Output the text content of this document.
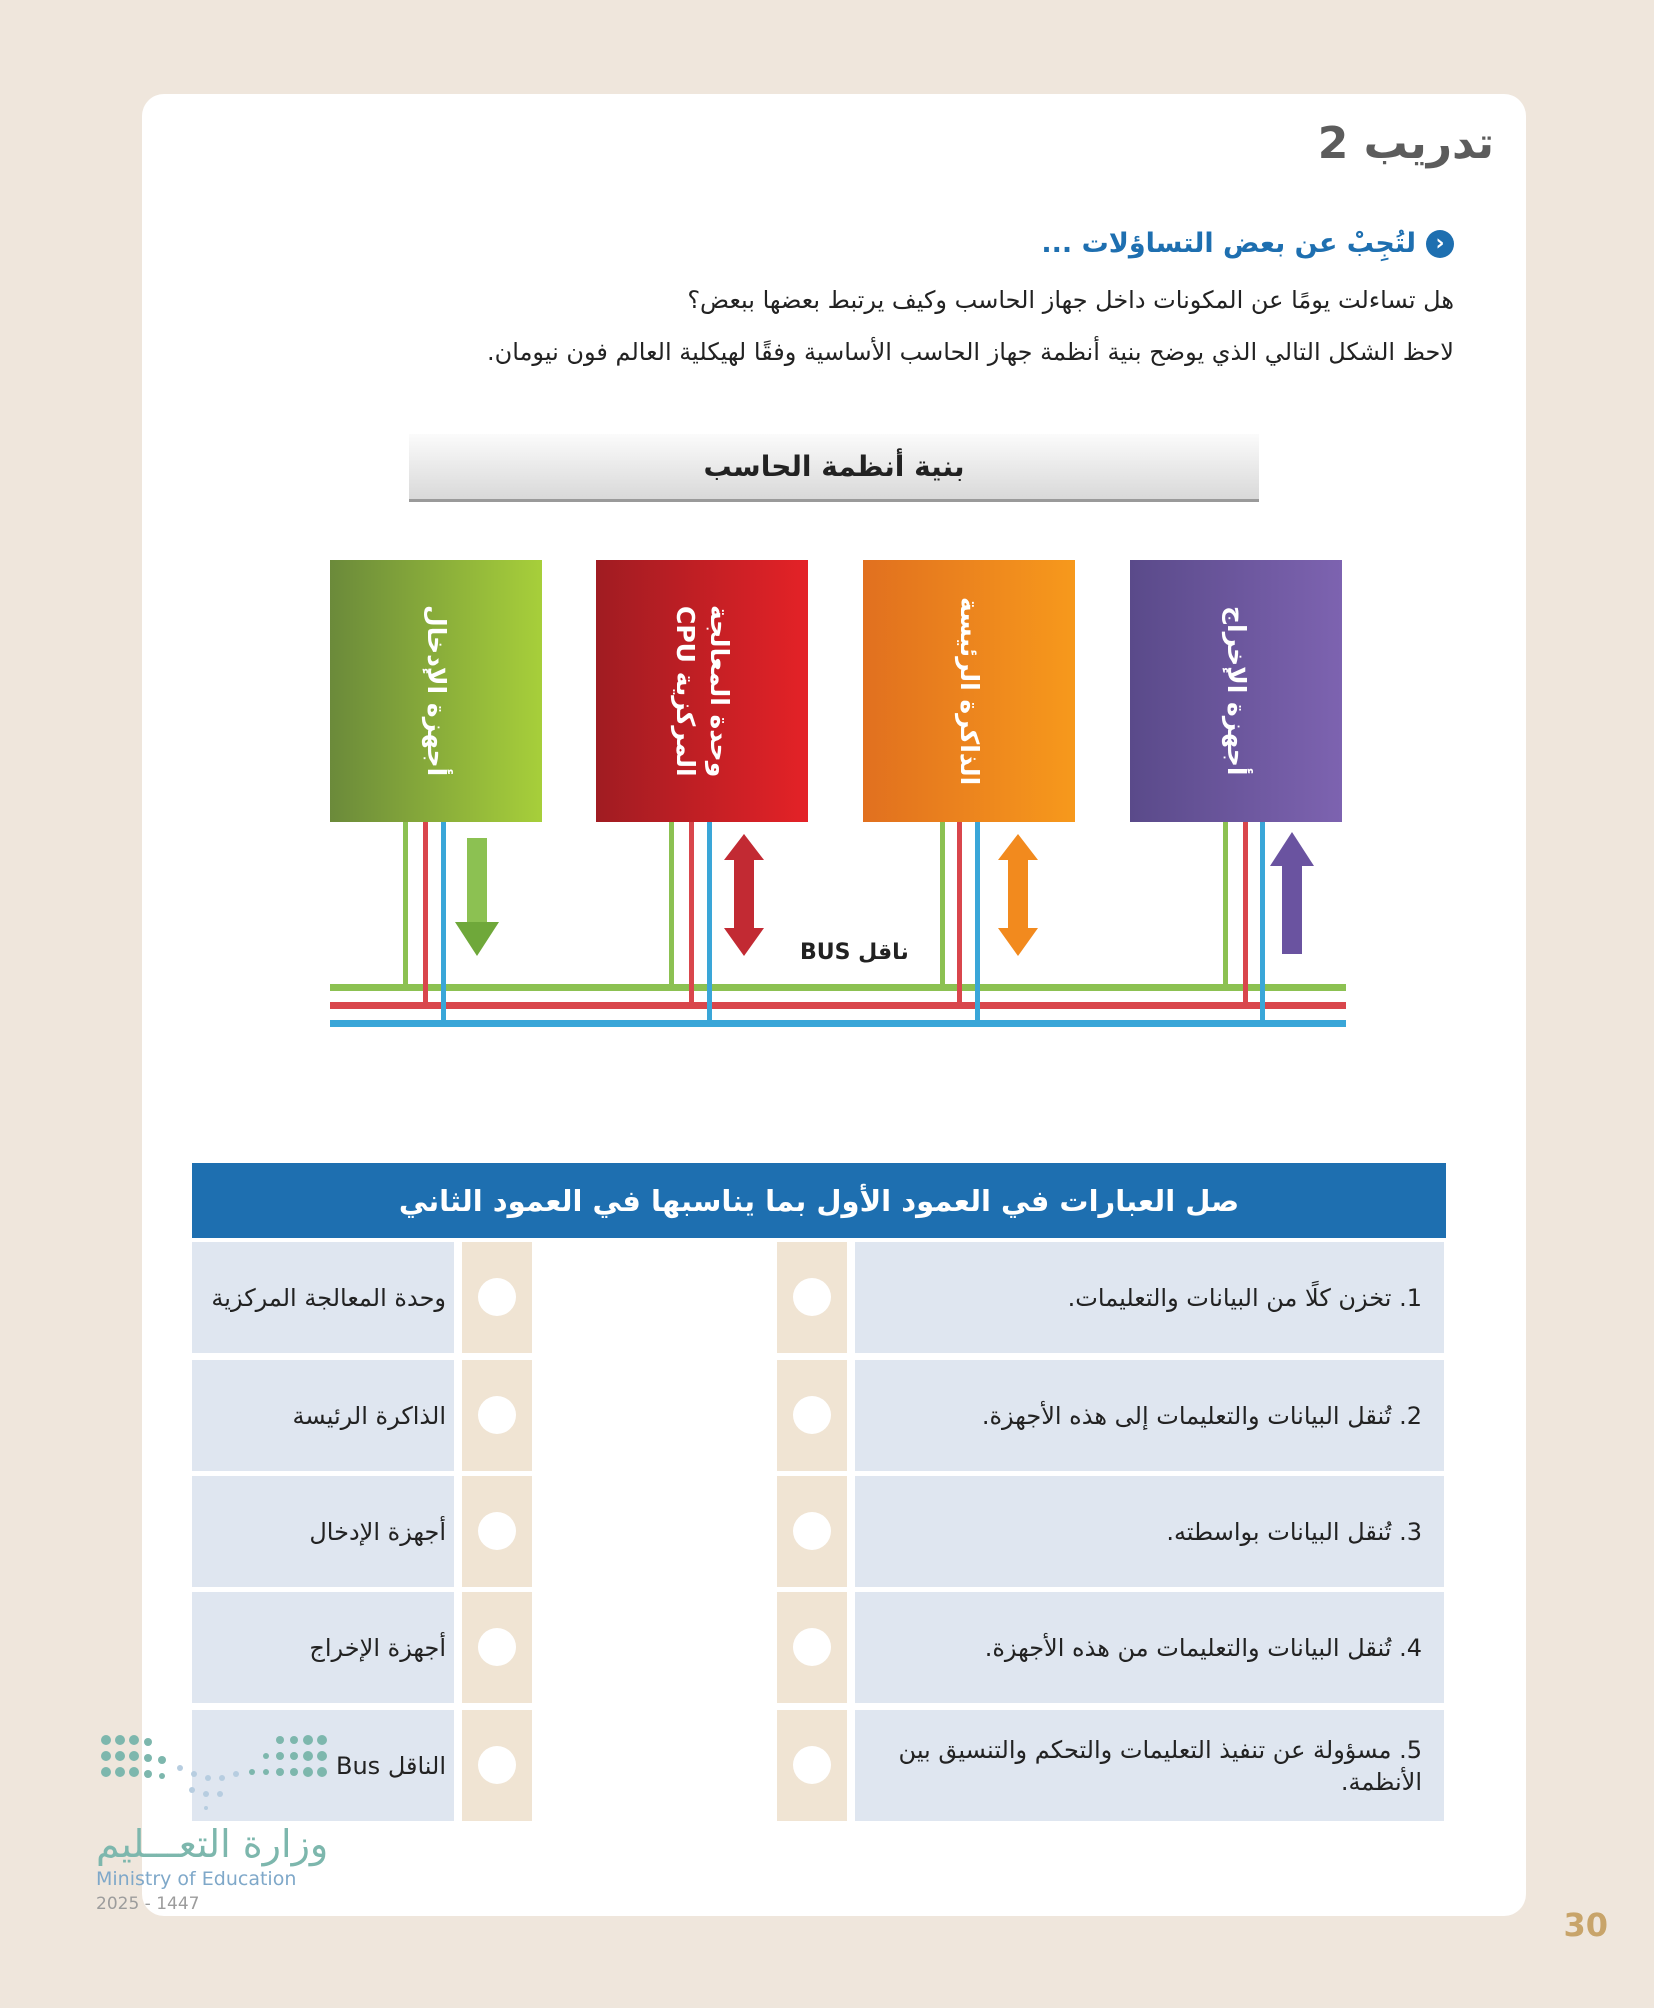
تدريب 2
‹
لتُجِبْ عن بعض التساؤلات ...
هل تساءلت يومًا عن المكونات داخل جهاز الحاسب وكيف يرتبط بعضها ببعض؟
لاحظ الشكل التالي الذي يوضح بنية أنظمة جهاز الحاسب الأساسية وفقًا لهيكلية العالم فون نيومان.
بنية أنظمة الحاسب
أجهزة الإدخال	وحدة المعالجة
المركزية CPU	الذاكرة الرئيسة	أجهزة الإخراج
ناقل BUS
صل العبارات في العمود الأول بما يناسبها في العمود الثاني
1. تخزن كلًا من البيانات والتعليمات.
وحدة المعالجة المركزية
2. تُنقل البيانات والتعليمات إلى هذه الأجهزة.
الذاكرة الرئيسة
3. تُنقل البيانات بواسطته.
أجهزة الإدخال
4. تُنقل البيانات والتعليمات من هذه الأجهزة.
أجهزة الإخراج
5. مسؤولة عن تنفيذ التعليمات والتحكم والتنسيق بين الأنظمة.
الناقل Bus
وزارة التعـــليم
Ministry of Education
2025 - 1447
30
